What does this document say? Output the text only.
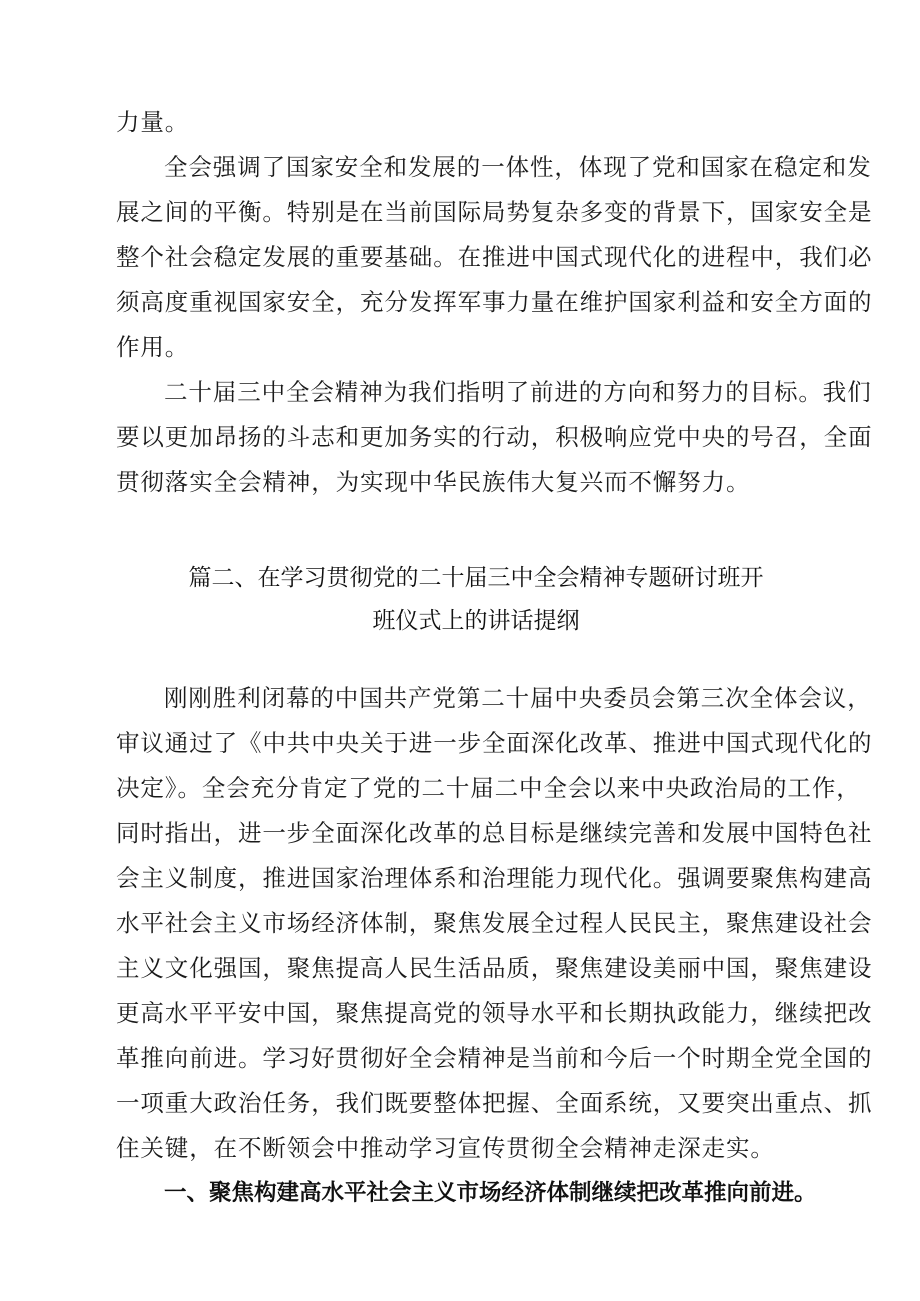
力量。
全会强调了国家安全和发展的一体性，体现了党和国家在稳定和发
展之间的平衡。特别是在当前国际局势复杂多变的背景下，国家安全是
整个社会稳定发展的重要基础。在推进中国式现代化的进程中，我们必
须高度重视国家安全，充分发挥军事力量在维护国家利益和安全方面的
作用。
二十届三中全会精神为我们指明了前进的方向和努力的目标。我们
要以更加昂扬的斗志和更加务实的行动，积极响应党中央的号召，全面
贯彻落实全会精神，为实现中华民族伟大复兴而不懈努力。
篇二、在学习贯彻党的二十届三中全会精神专题研讨班开
班仪式上的讲话提纲
刚刚胜利闭幕的中国共产党第二十届中央委员会第三次全体会议，
审议通过了《中共中央关于进一步全面深化改革、推进中国式现代化的
决定》。全会充分肯定了党的二十届二中全会以来中央政治局的工作，
同时指出，进一步全面深化改革的总目标是继续完善和发展中国特色社
会主义制度，推进国家治理体系和治理能力现代化。强调要聚焦构建高
水平社会主义市场经济体制，聚焦发展全过程人民民主，聚焦建设社会
主义文化强国，聚焦提高人民生活品质，聚焦建设美丽中国，聚焦建设
更高水平平安中国，聚焦提高党的领导水平和长期执政能力，继续把改
革推向前进。学习好贯彻好全会精神是当前和今后一个时期全党全国的
一项重大政治任务，我们既要整体把握、全面系统，又要突出重点、抓
住关键，在不断领会中推动学习宣传贯彻全会精神走深走实。
一、聚焦构建高水平社会主义市场经济体制继续把改革推向前进。
